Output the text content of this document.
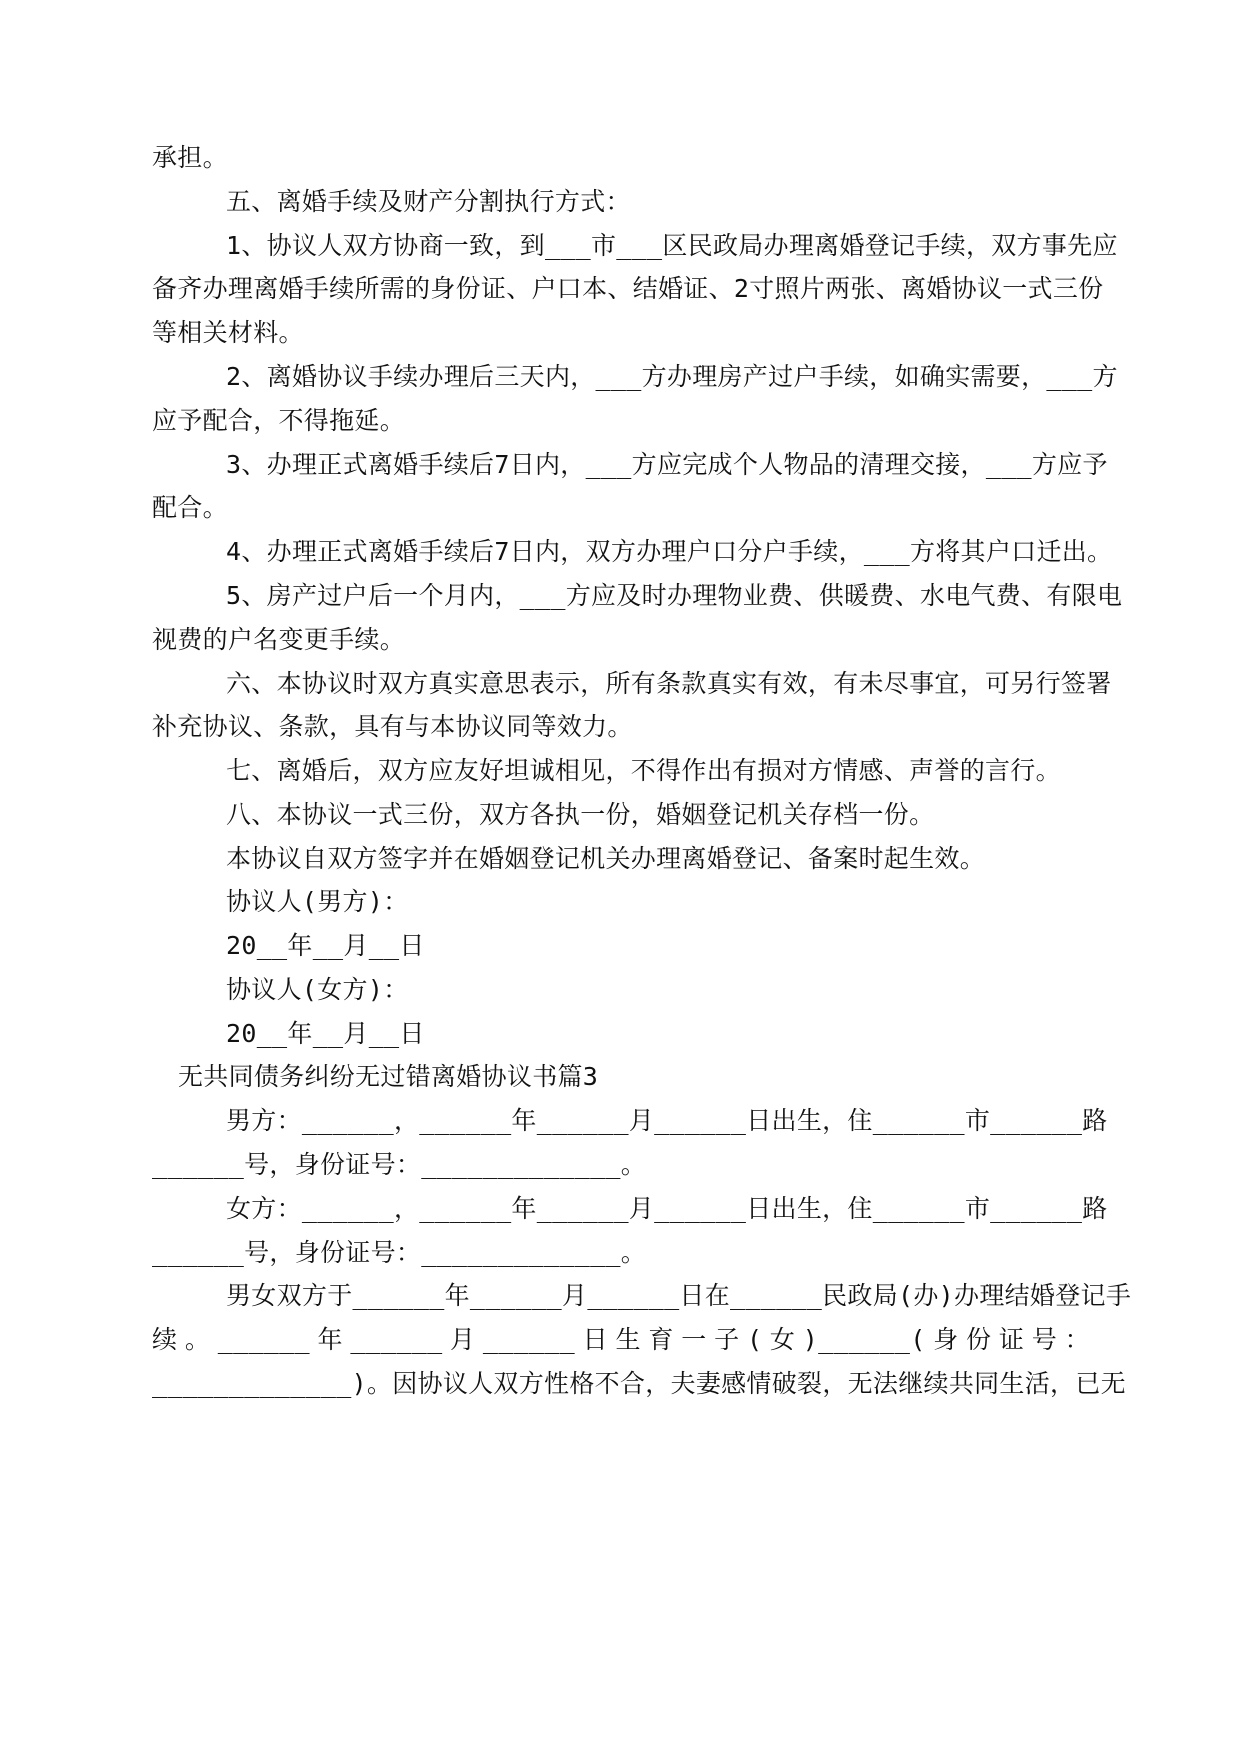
承担。
五、离婚手续及财产分割执行方式：
1、协议人双方协商一致，到___市___区民政局办理离婚登记手续，双方事先应
备齐办理离婚手续所需的身份证、户口本、结婚证、2寸照片两张、离婚协议一式三份
等相关材料。
2、离婚协议手续办理后三天内，___方办理房产过户手续，如确实需要，___方
应予配合，不得拖延。
3、办理正式离婚手续后7日内，___方应完成个人物品的清理交接，___方应予
配合。
4、办理正式离婚手续后7日内，双方办理户口分户手续，___方将其户口迁出。
5、房产过户后一个月内，___方应及时办理物业费、供暖费、水电气费、有限电
视费的户名变更手续。
六、本协议时双方真实意思表示，所有条款真实有效，有未尽事宜，可另行签署
补充协议、条款，具有与本协议同等效力。
七、离婚后，双方应友好坦诚相见，不得作出有损对方情感、声誉的言行。
八、本协议一式三份，双方各执一份，婚姻登记机关存档一份。
本协议自双方签字并在婚姻登记机关办理离婚登记、备案时起生效。
协议人(男方)：
20__年__月__日
协议人(女方)：
20__年__月__日
无共同债务纠纷无过错离婚协议书篇3
男方：______，______年______月______日出生，住______市______路
______号，身份证号：_____________。
女方：______，______年______月______日出生，住______市______路
______号，身份证号：_____________。
男女双方于______年______月______日在______民政局(办)办理结婚登记手
续。______年______月______日生育一子(女)______(身份证号：
_____________)。因协议人双方性格不合，夫妻感情破裂，无法继续共同生活，已无
